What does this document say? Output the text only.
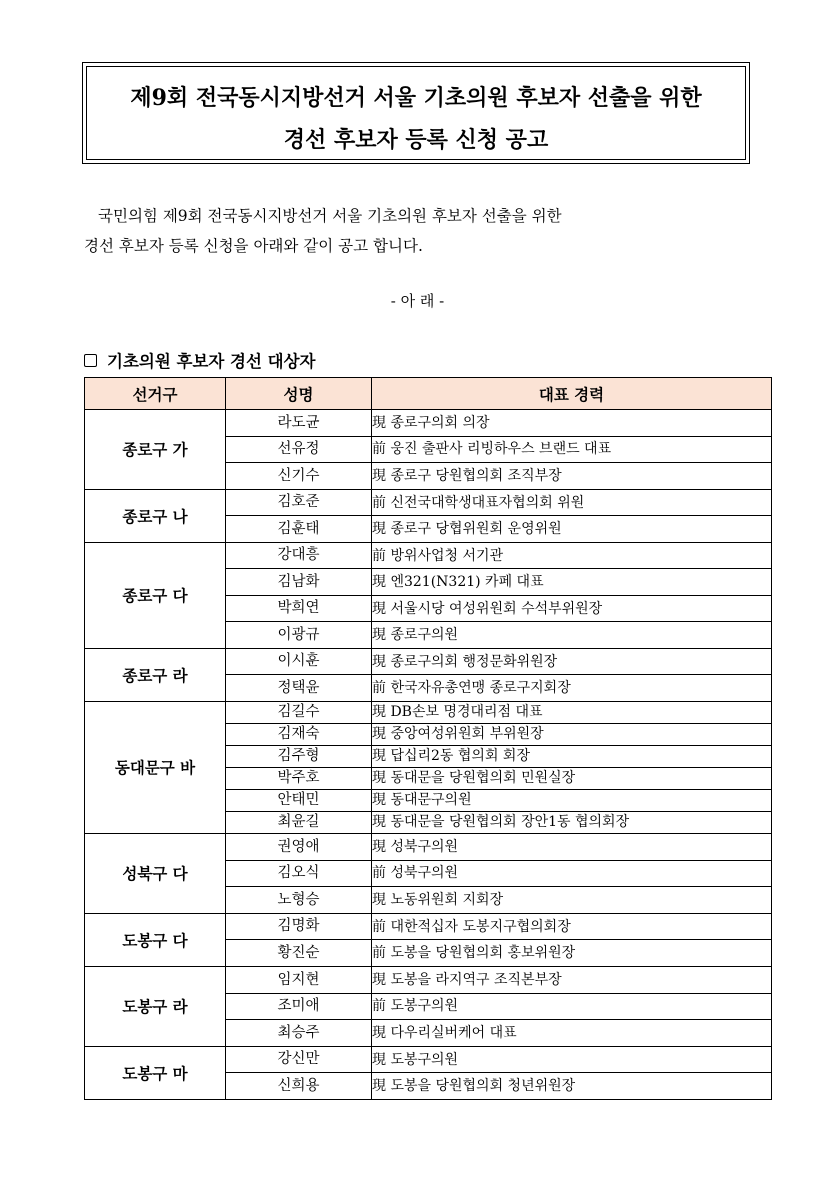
제9회 전국동시지방선거 서울 기초의원 후보자 선출을 위한
경선 후보자 등록 신청 공고
국민의힘 제9회 전국동시지방선거 서울 기초의원 후보자 선출을 위한
경선 후보자 등록 신청을 아래와 같이 공고 합니다.
- 아 래 -
기초의원 후보자 경선 대상자
선거구	성명	대표 경력
종로구 가	라도균	現 종로구의회 의장
	선유정	前 웅진 출판사 리빙하우스 브랜드 대표
	신기수	現 종로구 당원협의회 조직부장
종로구 나	김호준	前 신전국대학생대표자협의회 위원
	김훈태	現 종로구 당협위원회 운영위원
종로구 다	강대흥	前 방위사업청 서기관
	김남화	現 엔321(N321) 카페 대표
	박희연	現 서울시당 여성위원회 수석부위원장
	이광규	現 종로구의원
종로구 라	이시훈	現 종로구의회 행정문화위원장
	정택윤	前 한국자유총연맹 종로구지회장
동대문구 바	김길수	現 DB손보 명경대리점 대표
	김재숙	現 중앙여성위원회 부위원장
	김주형	現 답십리2동 협의회 회장
	박주호	現 동대문을 당원협의회 민원실장
	안태민	現 동대문구의원
	최윤길	現 동대문을 당원협의회 장안1동 협의회장
성북구 다	권영애	現 성북구의원
	김오식	前 성북구의원
	노형승	現 노동위원회 지회장
도봉구 다	김명화	前 대한적십자 도봉지구협의회장
	황진순	前 도봉을 당원협의회 홍보위원장
도봉구 라	임지현	現 도봉을 라지역구 조직본부장
	조미애	前 도봉구의원
	최승주	現 다우리실버케어 대표
도봉구 마	강신만	現 도봉구의원
	신희용	現 도봉을 당원협의회 청년위원장
